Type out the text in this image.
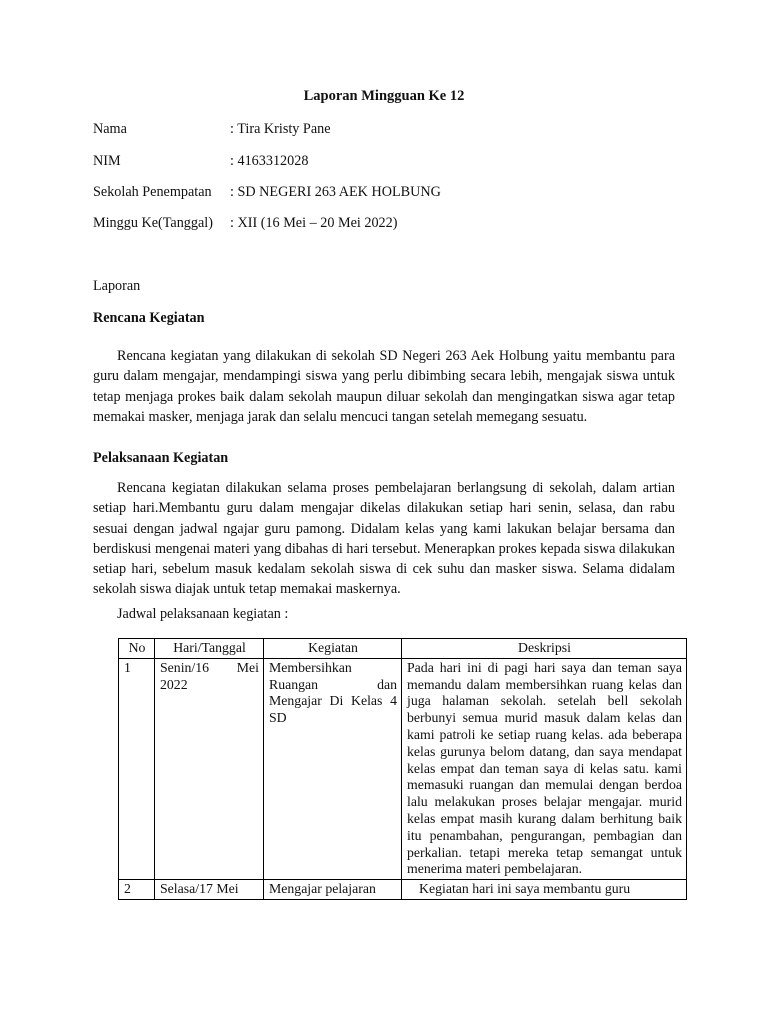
Laporan Mingguan Ke 12
Nama	: Tira Kristy Pane
NIM	: 4163312028
Sekolah Penempatan : SD NEGERI 263 AEK HOLBUNG
Minggu Ke(Tanggal) : XII (16 Mei – 20 Mei 2022)
Laporan
Rencana Kegiatan
Rencana kegiatan yang dilakukan di sekolah SD Negeri 263 Aek Holbung yaitu membantu para guru dalam mengajar, mendampingi siswa yang perlu dibimbing secara lebih, mengajak siswa untuk tetap menjaga prokes baik dalam sekolah maupun diluar sekolah dan mengingatkan siswa agar tetap memakai masker, menjaga jarak dan selalu mencuci tangan setelah memegang sesuatu.
Pelaksanaan Kegiatan
Rencana kegiatan dilakukan selama proses pembelajaran berlangsung di sekolah, dalam artian setiap hari.Membantu guru dalam mengajar dikelas dilakukan setiap hari senin, selasa, dan rabu sesuai dengan jadwal ngajar guru pamong. Didalam kelas yang kami lakukan belajar bersama dan berdiskusi mengenai materi yang dibahas di hari tersebut. Menerapkan prokes kepada siswa dilakukan setiap hari, sebelum masuk kedalam sekolah siswa di cek suhu dan masker siswa. Selama didalam sekolah siswa diajak untuk tetap memakai maskernya.
Jadwal pelaksanaan kegiatan :
No	Hari/Tanggal	Kegiatan	Deskripsi
1	Senin/16 Mei 2022	Membersihkan Ruangan dan Mengajar Di Kelas 4 SD	Pada hari ini di pagi hari saya dan teman saya memandu dalam membersihkan ruang kelas dan juga halaman sekolah. setelah bell sekolah berbunyi semua murid masuk dalam kelas dan kami patroli ke setiap ruang kelas. ada beberapa kelas gurunya belom datang, dan saya mendapat kelas empat dan teman saya di kelas satu. kami memasuki ruangan dan memulai dengan berdoa lalu melakukan proses belajar mengajar. murid kelas empat masih kurang dalam berhitung baik itu penambahan, pengurangan, pembagian dan perkalian. tetapi mereka tetap semangat untuk menerima materi pembelajaran.
2	Selasa/17 Mei	Mengajar pelajaran	Kegiatan hari ini saya membantu guru
